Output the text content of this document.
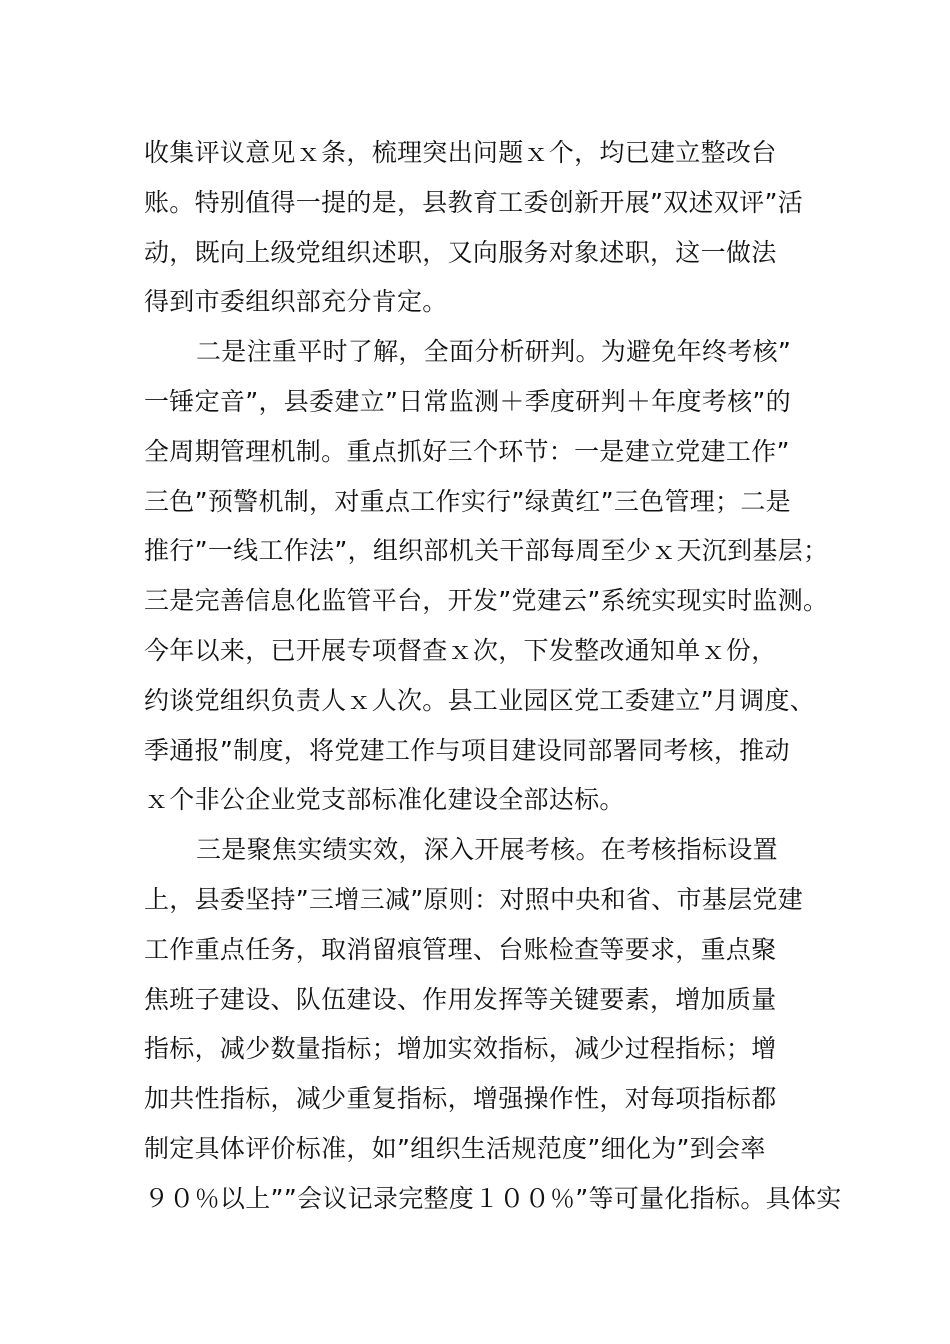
收集评议意见ｘ条，梳理突出问题ｘ个，均已建立整改台
账。特别值得一提的是，县教育工委创新开展”双述双评”活
动，既向上级党组织述职，又向服务对象述职，这一做法
得到市委组织部充分肯定。
二是注重平时了解，全面分析研判。为避免年终考核”
一锤定音”，县委建立”日常监测＋季度研判＋年度考核”的
全周期管理机制。重点抓好三个环节：一是建立党建工作”
三色”预警机制，对重点工作实行”绿黄红”三色管理；二是
推行”一线工作法”，组织部机关干部每周至少ｘ天沉到基层；
三是完善信息化监管平台，开发”党建云”系统实现实时监测。
今年以来，已开展专项督查ｘ次，下发整改通知单ｘ份，
约谈党组织负责人ｘ人次。县工业园区党工委建立”月调度、
季通报”制度，将党建工作与项目建设同部署同考核，推动
ｘ个非公企业党支部标准化建设全部达标。
三是聚焦实绩实效，深入开展考核。在考核指标设置
上，县委坚持”三增三减”原则：对照中央和省、市基层党建
工作重点任务，取消留痕管理、台账检查等要求，重点聚
焦班子建设、队伍建设、作用发挥等关键要素，增加质量
指标，减少数量指标；增加实效指标，减少过程指标；增
加共性指标，减少重复指标，增强操作性，对每项指标都
制定具体评价标准，如”组织生活规范度”细化为”到会率
９０％以上””会议记录完整度１００％”等可量化指标。具体实
